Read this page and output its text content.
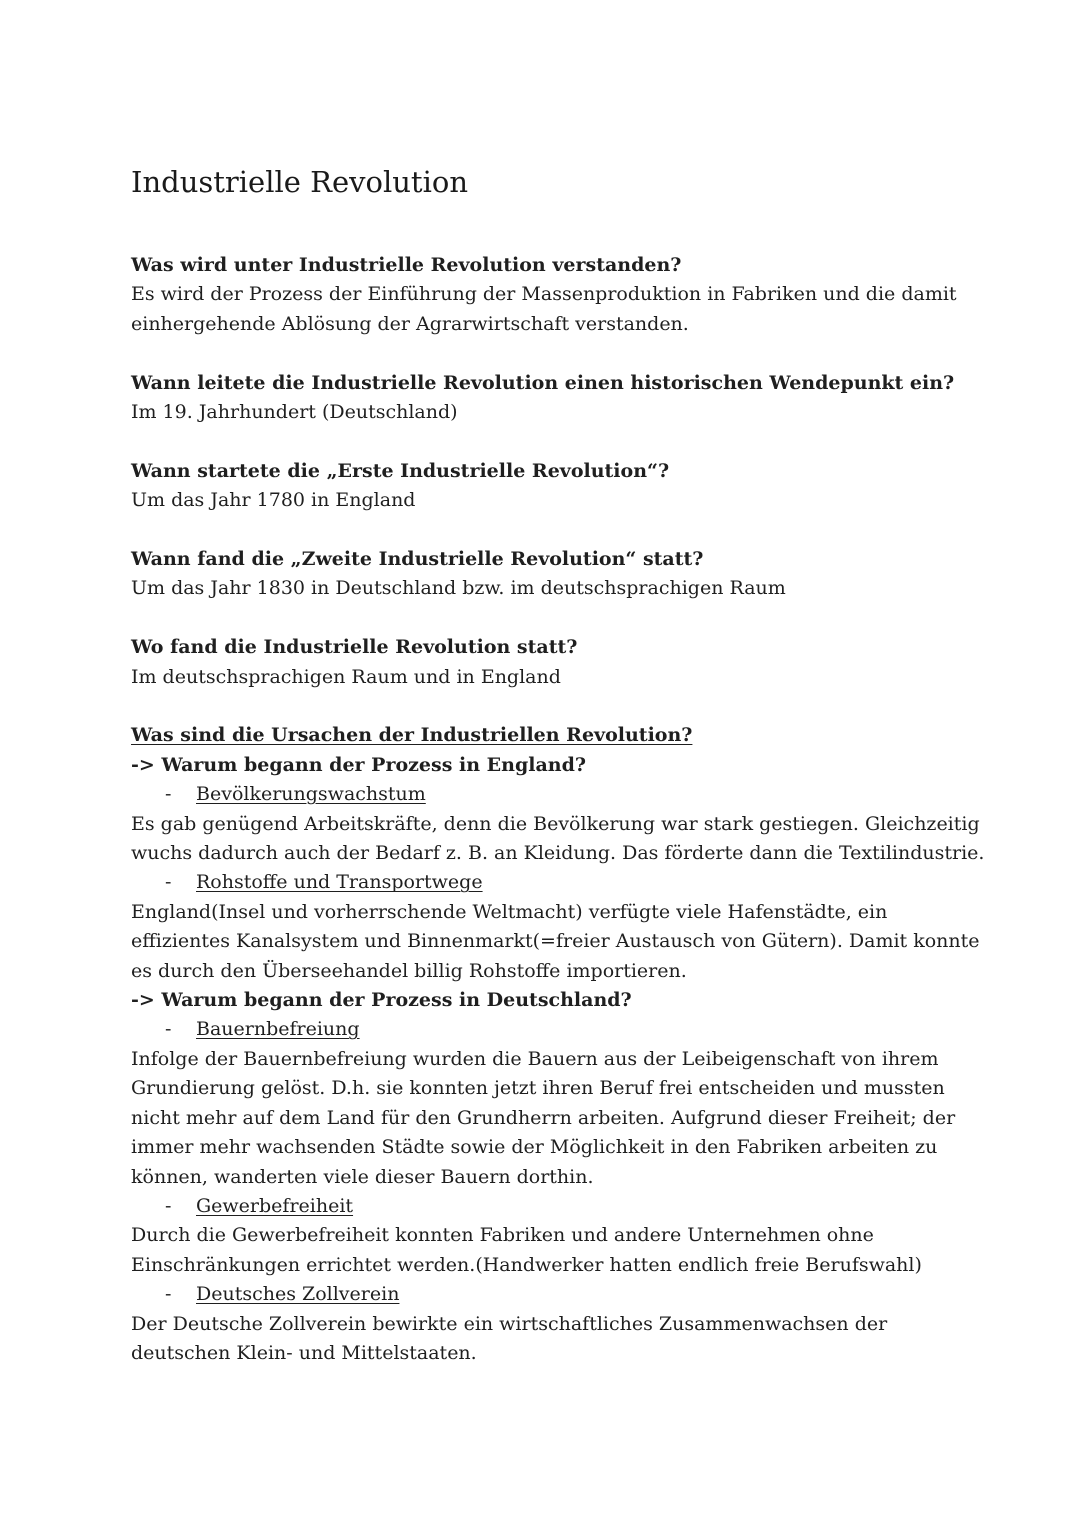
Industrielle Revolution
Was wird unter Industrielle Revolution verstanden?
Es wird der Prozess der Einführung der Massenproduktion in Fabriken und die damit
einhergehende Ablösung der Agrarwirtschaft verstanden.
Wann leitete die Industrielle Revolution einen historischen Wendepunkt ein?
Im 19. Jahrhundert (Deutschland)
Wann startete die „Erste Industrielle Revolution“?
Um das Jahr 1780 in England
Wann fand die „Zweite Industrielle Revolution“ statt?
Um das Jahr 1830 in Deutschland bzw. im deutschsprachigen Raum
Wo fand die Industrielle Revolution statt?
Im deutschsprachigen Raum und in England
Was sind die Ursachen der Industriellen Revolution?
-> Warum begann der Prozess in England?
- Bevölkerungswachstum
Es gab genügend Arbeitskräfte, denn die Bevölkerung war stark gestiegen. Gleichzeitig
wuchs dadurch auch der Bedarf z. B. an Kleidung. Das förderte dann die Textilindustrie.
- Rohstoffe und Transportwege
England(Insel und vorherrschende Weltmacht) verfügte viele Hafenstädte, ein
effizientes Kanalsystem und Binnenmarkt(=freier Austausch von Gütern). Damit konnte
es durch den Überseehandel billig Rohstoffe importieren.
-> Warum begann der Prozess in Deutschland?
- Bauernbefreiung
Infolge der Bauernbefreiung wurden die Bauern aus der Leibeigenschaft von ihrem
Grundierung gelöst. D.h. sie konnten jetzt ihren Beruf frei entscheiden und mussten
nicht mehr auf dem Land für den Grundherrn arbeiten. Aufgrund dieser Freiheit; der
immer mehr wachsenden Städte sowie der Möglichkeit in den Fabriken arbeiten zu
können, wanderten viele dieser Bauern dorthin.
- Gewerbefreiheit
Durch die Gewerbefreiheit konnten Fabriken und andere Unternehmen ohne
Einschränkungen errichtet werden.(Handwerker hatten endlich freie Berufswahl)
- Deutsches Zollverein
Der Deutsche Zollverein bewirkte ein wirtschaftliches Zusammenwachsen der
deutschen Klein- und Mittelstaaten.
